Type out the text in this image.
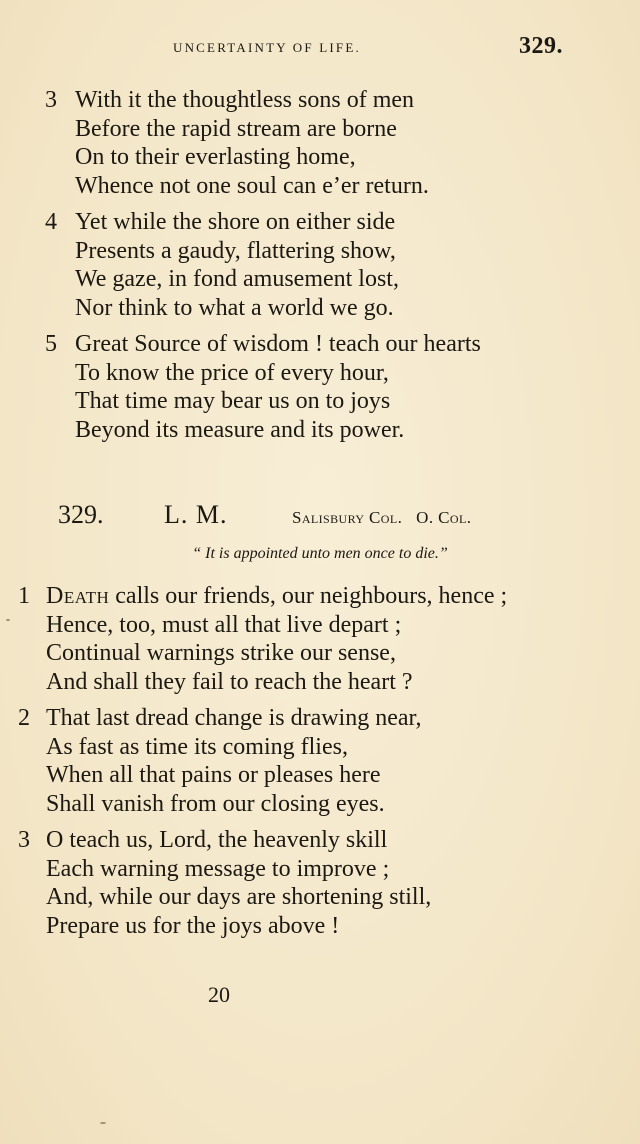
UNCERTAINTY OF LIFE.	329.
3 With it the thoughtless sons of men
Before the rapid stream are borne
On to their everlasting home,
Whence not one soul can e’er return.
4 Yet while the shore on either side
Presents a gaudy, flattering show,
We gaze, in fond amusement lost,
Nor think to what a world we go.
5 Great Source of wisdom ! teach our hearts
To know the price of every hour,
That time may bear us on to joys
Beyond its measure and its power.
329. L. M.	Salisbury Col.   O. Col.
“ It is appointed unto men once to die.”
1 Death calls our friends, our neighbours, hence ;
Hence, too, must all that live depart ;
Continual warnings strike our sense,
And shall they fail to reach the heart ?
2 That last dread change is drawing near,
As fast as time its coming flies,
When all that pains or pleases here
Shall vanish from our closing eyes.
3 O teach us, Lord, the heavenly skill
Each warning message to improve ;
And, while our days are shortening still,
Prepare us for the joys above !
20
